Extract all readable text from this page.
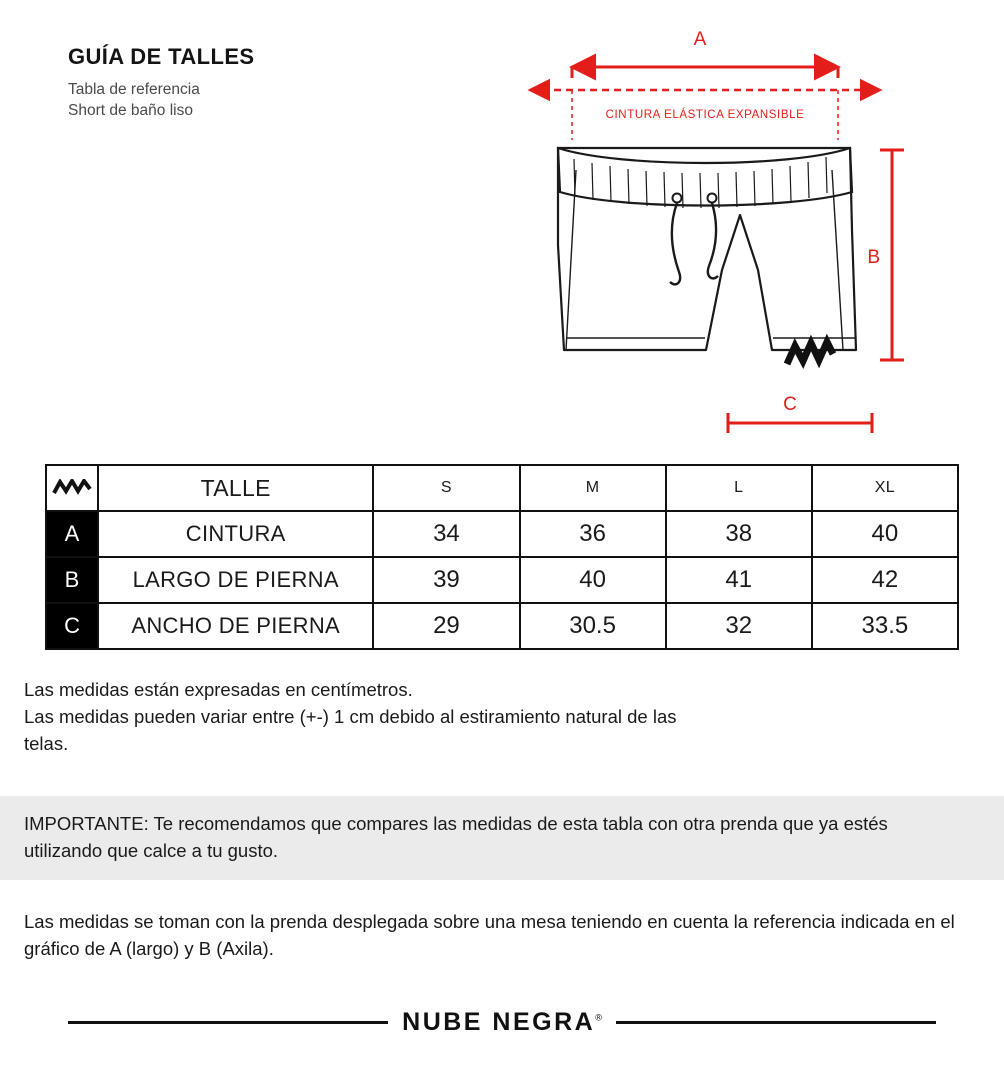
GUÍA DE TALLES
Tabla de referencia
Short de baño liso
A
CINTURA ELÁSTICA EXPANSIBLE
B
C
	TALLE	S	M	L	XL
A	CINTURA	34	36	38	40
B	LARGO DE PIERNA	39	40	41	42
C	ANCHO DE PIERNA	29	30.5	32	33.5
Las medidas están expresadas en centímetros.
Las medidas pueden variar entre (+-) 1 cm debido al estiramiento natural de las
telas.
IMPORTANTE: Te recomendamos que compares las medidas de esta tabla con otra prenda que ya estés utilizando que calce a tu gusto.
Las medidas se toman con la prenda desplegada sobre una mesa teniendo en cuenta la referencia indicada en el gráfico de A (largo) y B (Axila).
NUBE NEGRA®
